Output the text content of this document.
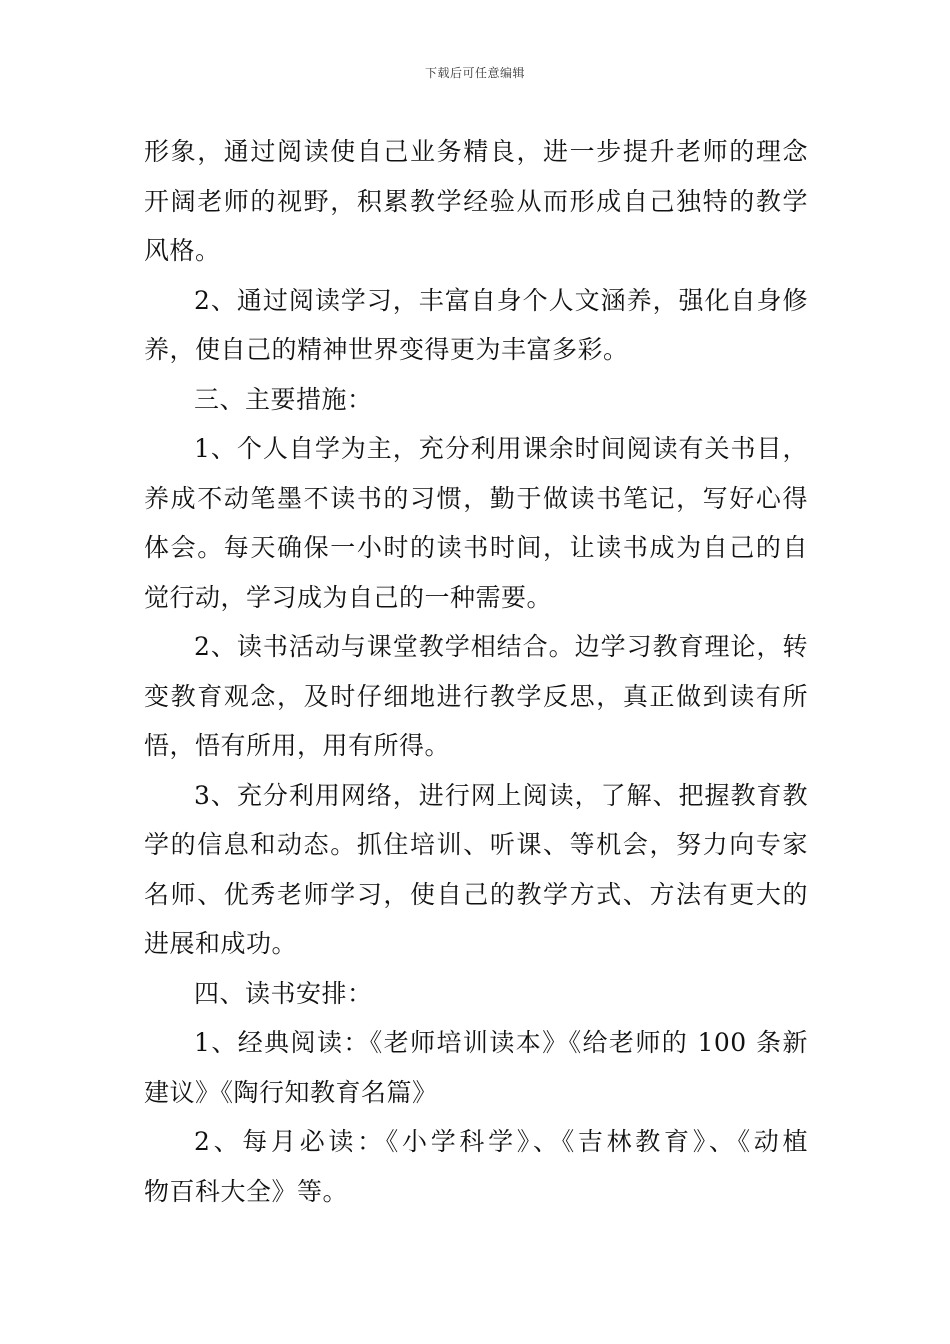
下载后可任意编辑
形象，通过阅读使自己业务精良，进一步提升老师的理念
开阔老师的视野，积累教学经验从而形成自己独特的教学
风格。
2、通过阅读学习，丰富自身个人文涵养，强化自身修
养，使自己的精神世界变得更为丰富多彩。
三、主要措施：
1、个人自学为主，充分利用课余时间阅读有关书目，
养成不动笔墨不读书的习惯，勤于做读书笔记，写好心得
体会。每天确保一小时的读书时间，让读书成为自己的自
觉行动，学习成为自己的一种需要。
2、读书活动与课堂教学相结合。边学习教育理论，转
变教育观念，及时仔细地进行教学反思，真正做到读有所
悟，悟有所用，用有所得。
3、充分利用网络，进行网上阅读，了解、把握教育教
学的信息和动态。抓住培训、听课、等机会，努力向专家
名师、优秀老师学习，使自己的教学方式、方法有更大的
进展和成功。
四、读书安排：
1、经典阅读：《老师培训读本》《给老师的 100 条新
建议》《陶行知教育名篇》
2、每月必读：《小学科学》、《吉林教育》、《动植
物百科大全》等。
